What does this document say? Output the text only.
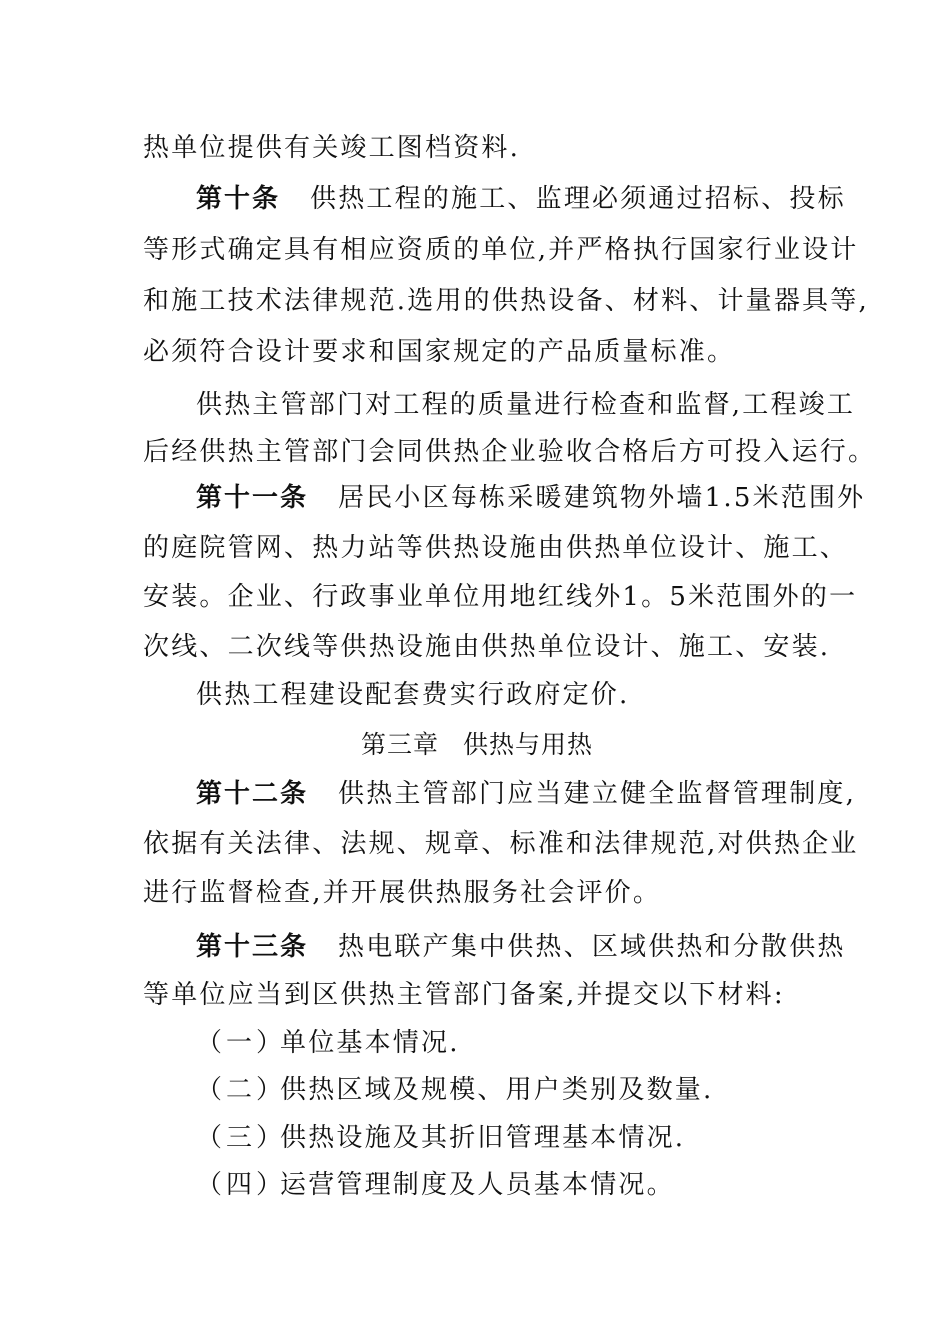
热单位提供有关竣工图档资料.
第十条 供热工程的施工、监理必须通过招标、投标
等形式确定具有相应资质的单位,并严格执行国家行业设计
和施工技术法律规范.选用的供热设备、材料、计量器具等,
必须符合设计要求和国家规定的产品质量标准。
供热主管部门对工程的质量进行检查和监督,工程竣工
后经供热主管部门会同供热企业验收合格后方可投入运行。
第十一条 居民小区每栋采暖建筑物外墙1.5米范围外
的庭院管网、热力站等供热设施由供热单位设计、施工、
安装。企业、行政事业单位用地红线外1。5米范围外的一
次线、二次线等供热设施由供热单位设计、施工、安装.
供热工程建设配套费实行政府定价.
第三章 供热与用热
第十二条 供热主管部门应当建立健全监督管理制度,
依据有关法律、法规、规章、标准和法律规范,对供热企业
进行监督检查,并开展供热服务社会评价。
第十三条 热电联产集中供热、区域供热和分散供热
等单位应当到区供热主管部门备案,并提交以下材料:
（一）单位基本情况.
（二）供热区域及规模、用户类别及数量.
（三）供热设施及其折旧管理基本情况.
（四）运营管理制度及人员基本情况。
